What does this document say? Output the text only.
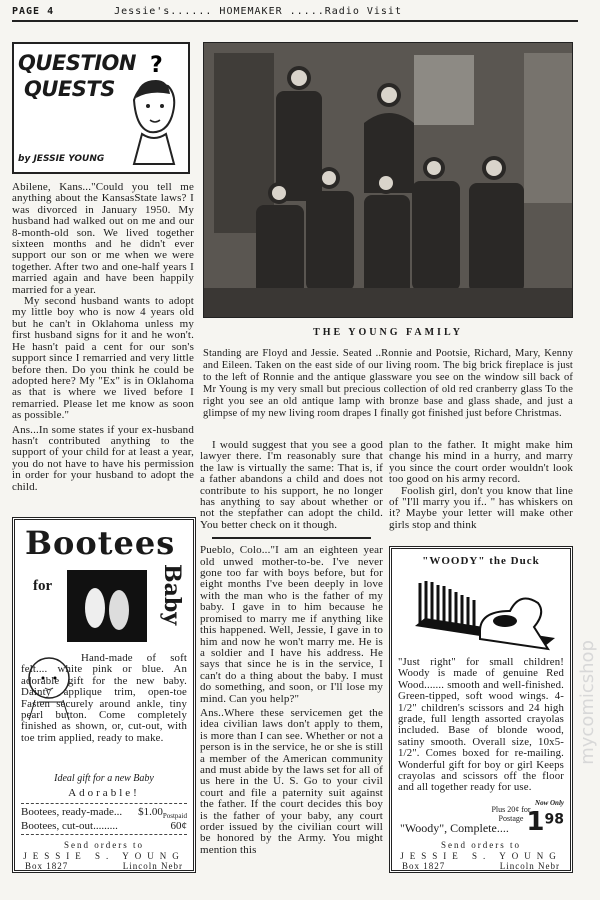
PAGE 4	Jessie's...... HOMEMAKER .....Radio Visit
QUESTION
QUESTS
?
by JESSIE YOUNG

Abilene, Kans..."Could you tell me anything about the KansasState laws? I was divorced in January 1950. My husband had walked out on me and our 8-month-old son. We lived together sixteen months and he didn't ever support our son or me when we were together. After two and one-half years I married again and have been happily married for a year.

My second husband wants to adopt my little boy who is now 4 years old but he can't in Oklahoma unless my first husband signs for it and he won't. He hasn't paid a cent for our son's support since I remarried and very little before then. Do you think he could be adopted here? My "Ex" is in Oklahoma as that is where we lived before I remarried. Please let me know as soon as possible."

Ans...In some states if your ex-husband hasn't contributed anything to the support of your child for at least a year, you do not have to have his permission in order for your husband to adopt the child.

THE YOUNG FAMILY
Standing are Floyd and Jessie. Seated ..Ronnie and Pootsie, Richard, Mary, Kenny and Eileen. Taken on the east side of our living room. The big brick fireplace is just to the left of Ronnie and the antique glassware you see on the window sill back of Mr Young is my very small but precious collection of old red cranberry glass To the right you see an old antique lamp with bronze base and glass shade, and just a glimpse of my new living room drapes I finally got finished just before Christmas.

I would suggest that you see a good lawyer there. I'm reasonably sure that the law is virtually the same: That is, if a father abandons a child and does not contribute to his support, he no longer has anything to say about whether or not the stepfather can adopt the child. You better check on it though.

Pueblo, Colo..."I am an eighteen year old unwed mother-to-be. I've never gone too far with boys before, but for eight months I've been deeply in love with the man who is the father of my baby. I gave in to him because he promised to marry me if anything like this happened. Well, Jessie, I gave in to him and now he won't marry me. He is a soldier and I have his address. He says that since he is in the service, I can't do a thing about the baby. I must do something, and soon, or I'll lose my mind. Can you help?"

Ans..Where these servicemen get the idea civilian laws don't apply to them, is more than I can see. Whether or not a person is in the service, he or she is still a member of the American community and must abide by the laws set for all of us here in the U. S. Go to your civil court and file a paternity suit against the father. If the court decides this boy is the father of your baby, any court order issued by the civilian court will be honored by the Army. You might mention this

plan to the father. It might make him change his mind in a hurry, and marry you since the court order wouldn't look too good on his army record.

Foolish girl, don't you know that line of "I'll marry you if.. " has whiskers on it? Maybe your letter will make other girls stop and think

Bootees
for	Baby
Hand-made of soft felt.... white pink or blue. An adorable gift for the new baby. Dainty applique trim, open-toe Fasten securely around ankle, tiny pearl button. Come completely finished as shown, or, cut-out, with toe trim applied, ready to make.
Ideal gift for a new Baby
Adorable!
Bootees, ready-made... $\$1.00_{Postpaid}$
Bootees, cut-out.........	60¢
Send orders to
JESSIE S. YOUNG
Box 1827	Lincoln Nebr
"WOODY" the Duck
"Just right" for small children! Woody is made of genuine Red Wood....... smooth and well-finished. Green-tipped, soft wood wings. 4-1/2" children's scissors and 24 high grade, full length assorted crayolas included. Base of blonde wood, satiny smooth. Overall size, 10x5-1/2". Comes boxed for re-mailing. Wonderful gift for boy or girl Keeps crayolas and scissors off the floor and all together ready for use.
Plus 20¢ for Postage
Now Only
$1^{98}$
"Woody", Complete....
Send orders to
JESSIE S. YOUNG
Box 1827	Lincoln Nebr
mycomicshop
